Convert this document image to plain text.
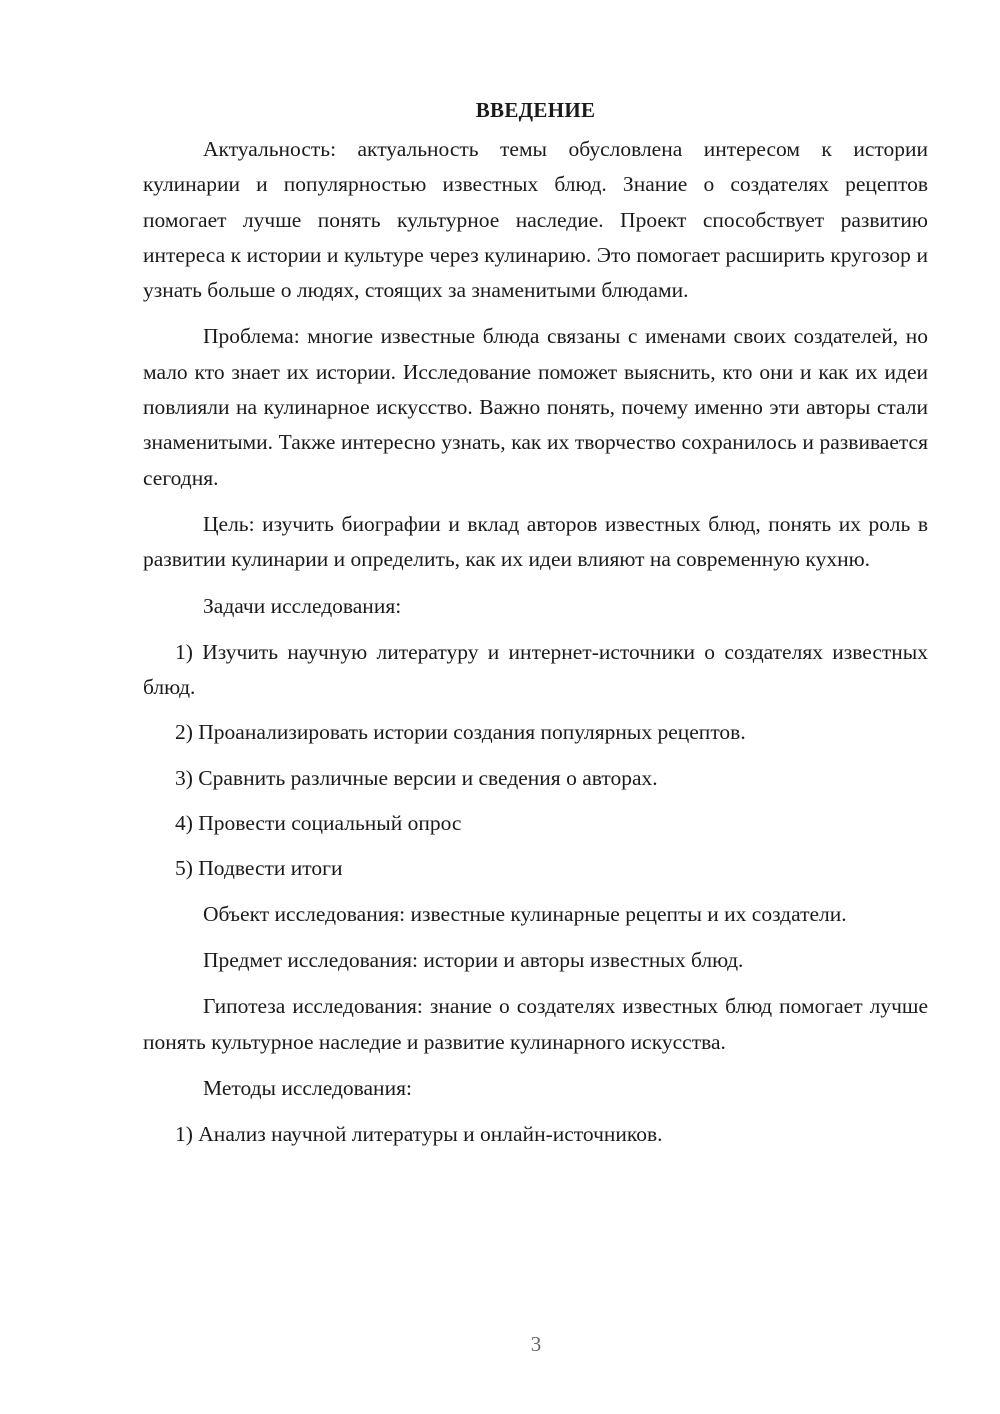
ВВЕДЕНИЕ

Актуальность: актуальность темы обусловлена интересом к истории кулинарии и популярностью известных блюд. Знание о создателях рецептов помогает лучше понять культурное наследие. Проект способствует развитию интереса к истории и культуре через кулинарию. Это помогает расширить кругозор и узнать больше о людях, стоящих за знаменитыми блюдами.

Проблема: многие известные блюда связаны с именами своих создателей, но мало кто знает их истории. Исследование поможет выяснить, кто они и как их идеи повлияли на кулинарное искусство. Важно понять, почему именно эти авторы стали знаменитыми. Также интересно узнать, как их творчество сохранилось и развивается сегодня.

Цель: изучить биографии и вклад авторов известных блюд, понять их роль в развитии кулинарии и определить, как их идеи влияют на современную кухню.

Задачи исследования:

1) Изучить научную литературу и интернет-источники о создателях известных блюд.

2) Проанализировать истории создания популярных рецептов.

3) Сравнить различные версии и сведения о авторах.

4) Провести социальный опрос

5) Подвести итоги

Объект исследования: известные кулинарные рецепты и их создатели.

Предмет исследования: истории и авторы известных блюд.

Гипотеза исследования: знание о создателях известных блюд помогает лучше понять культурное наследие и развитие кулинарного искусства.

Методы исследования:

1) Анализ научной литературы и онлайн-источников.

3
